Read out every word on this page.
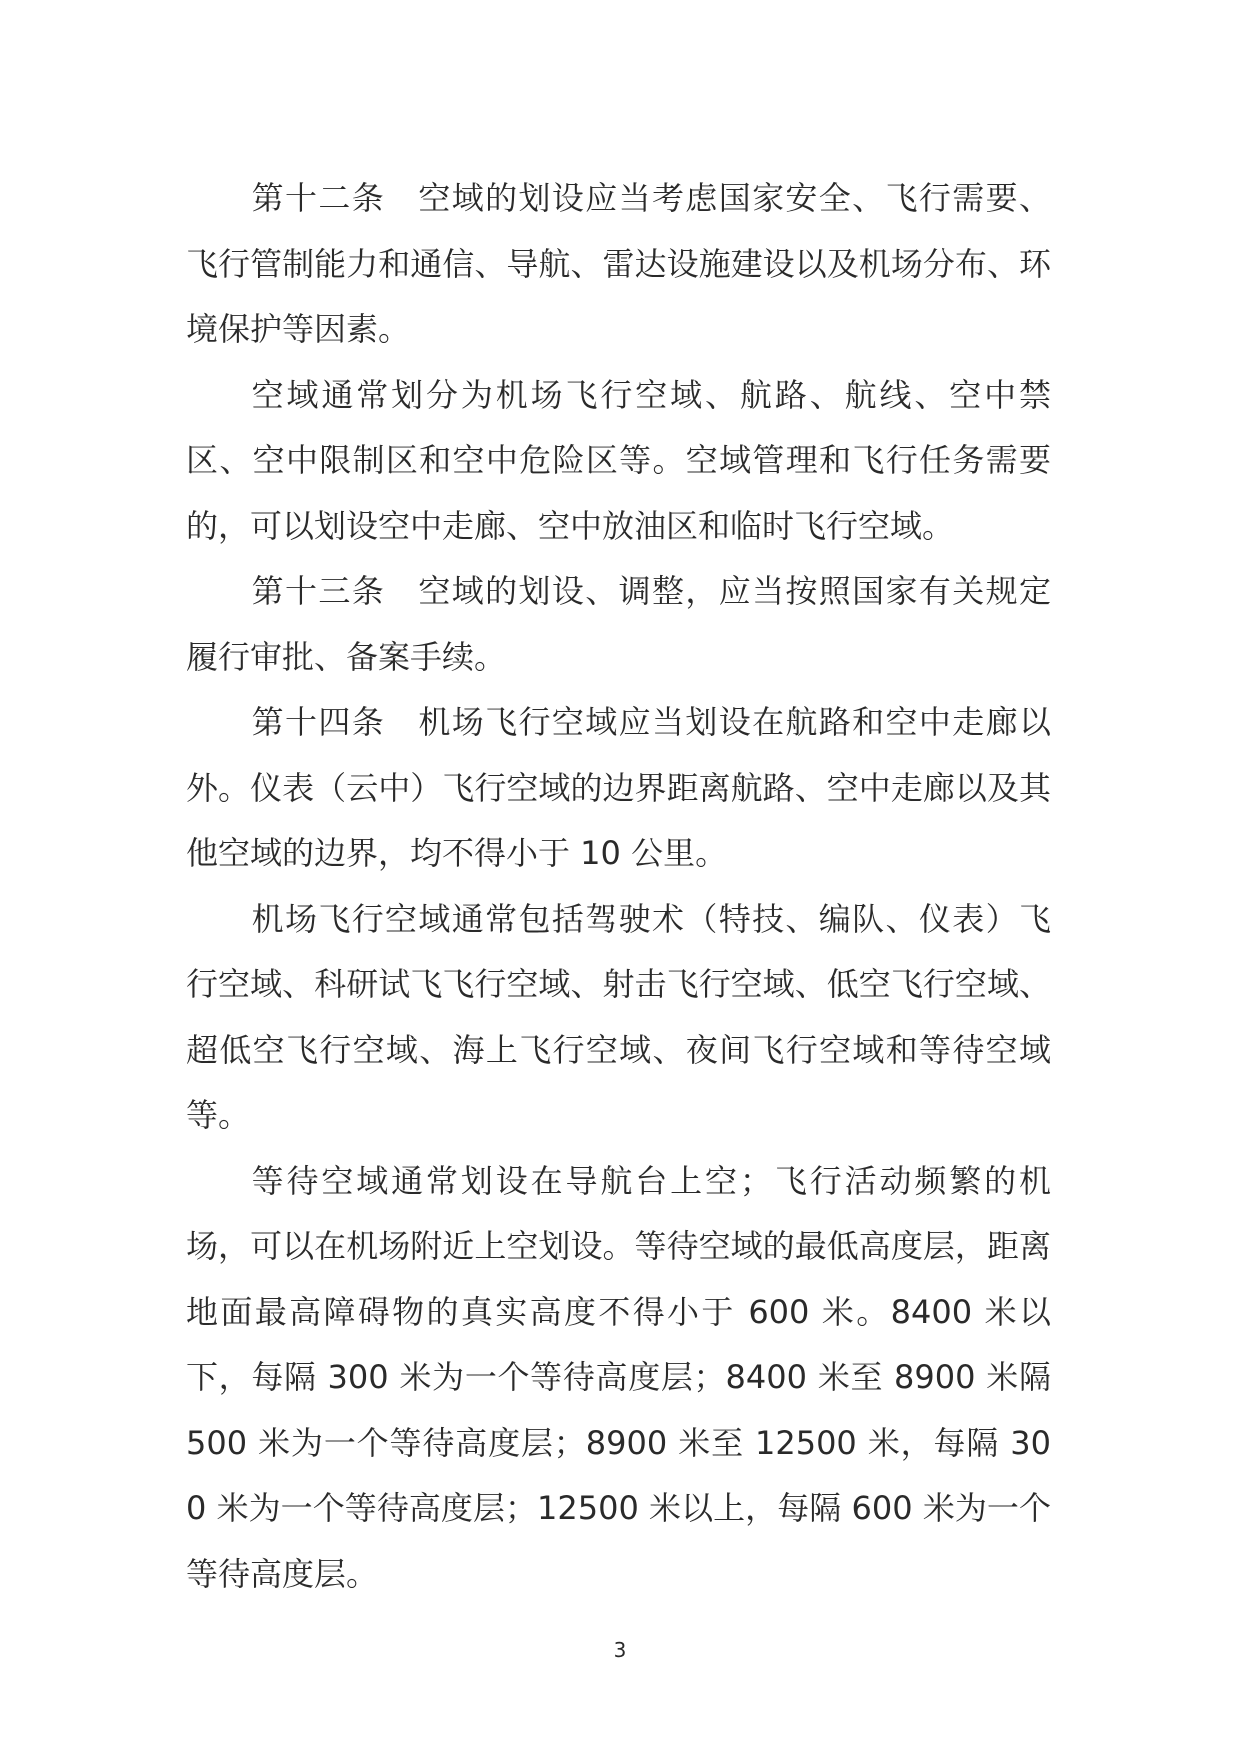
第十二条　空域的划设应当考虑国家安全、飞行需要、飞行管制能力和通信、导航、雷达设施建设以及机场分布、环境保护等因素。

空域通常划分为机场飞行空域、航路、航线、空中禁区、空中限制区和空中危险区等。空域管理和飞行任务需要的，可以划设空中走廊、空中放油区和临时飞行空域。

第十三条　空域的划设、调整，应当按照国家有关规定履行审批、备案手续。

第十四条　机场飞行空域应当划设在航路和空中走廊以外。仪表（云中）飞行空域的边界距离航路、空中走廊以及其他空域的边界，均不得小于 10 公里。

机场飞行空域通常包括驾驶术（特技、编队、仪表）飞行空域、科研试飞飞行空域、射击飞行空域、低空飞行空域、超低空飞行空域、海上飞行空域、夜间飞行空域和等待空域等。

等待空域通常划设在导航台上空；飞行活动频繁的机场，可以在机场附近上空划设。等待空域的最低高度层，距离地面最高障碍物的真实高度不得小于 600 米。8400 米以下，每隔 300 米为一个等待高度层；8400 米至 8900 米隔 500 米为一个等待高度层；8900 米至 12500 米，每隔 300 米为一个等待高度层；12500 米以上，每隔 600 米为一个等待高度层。

3
